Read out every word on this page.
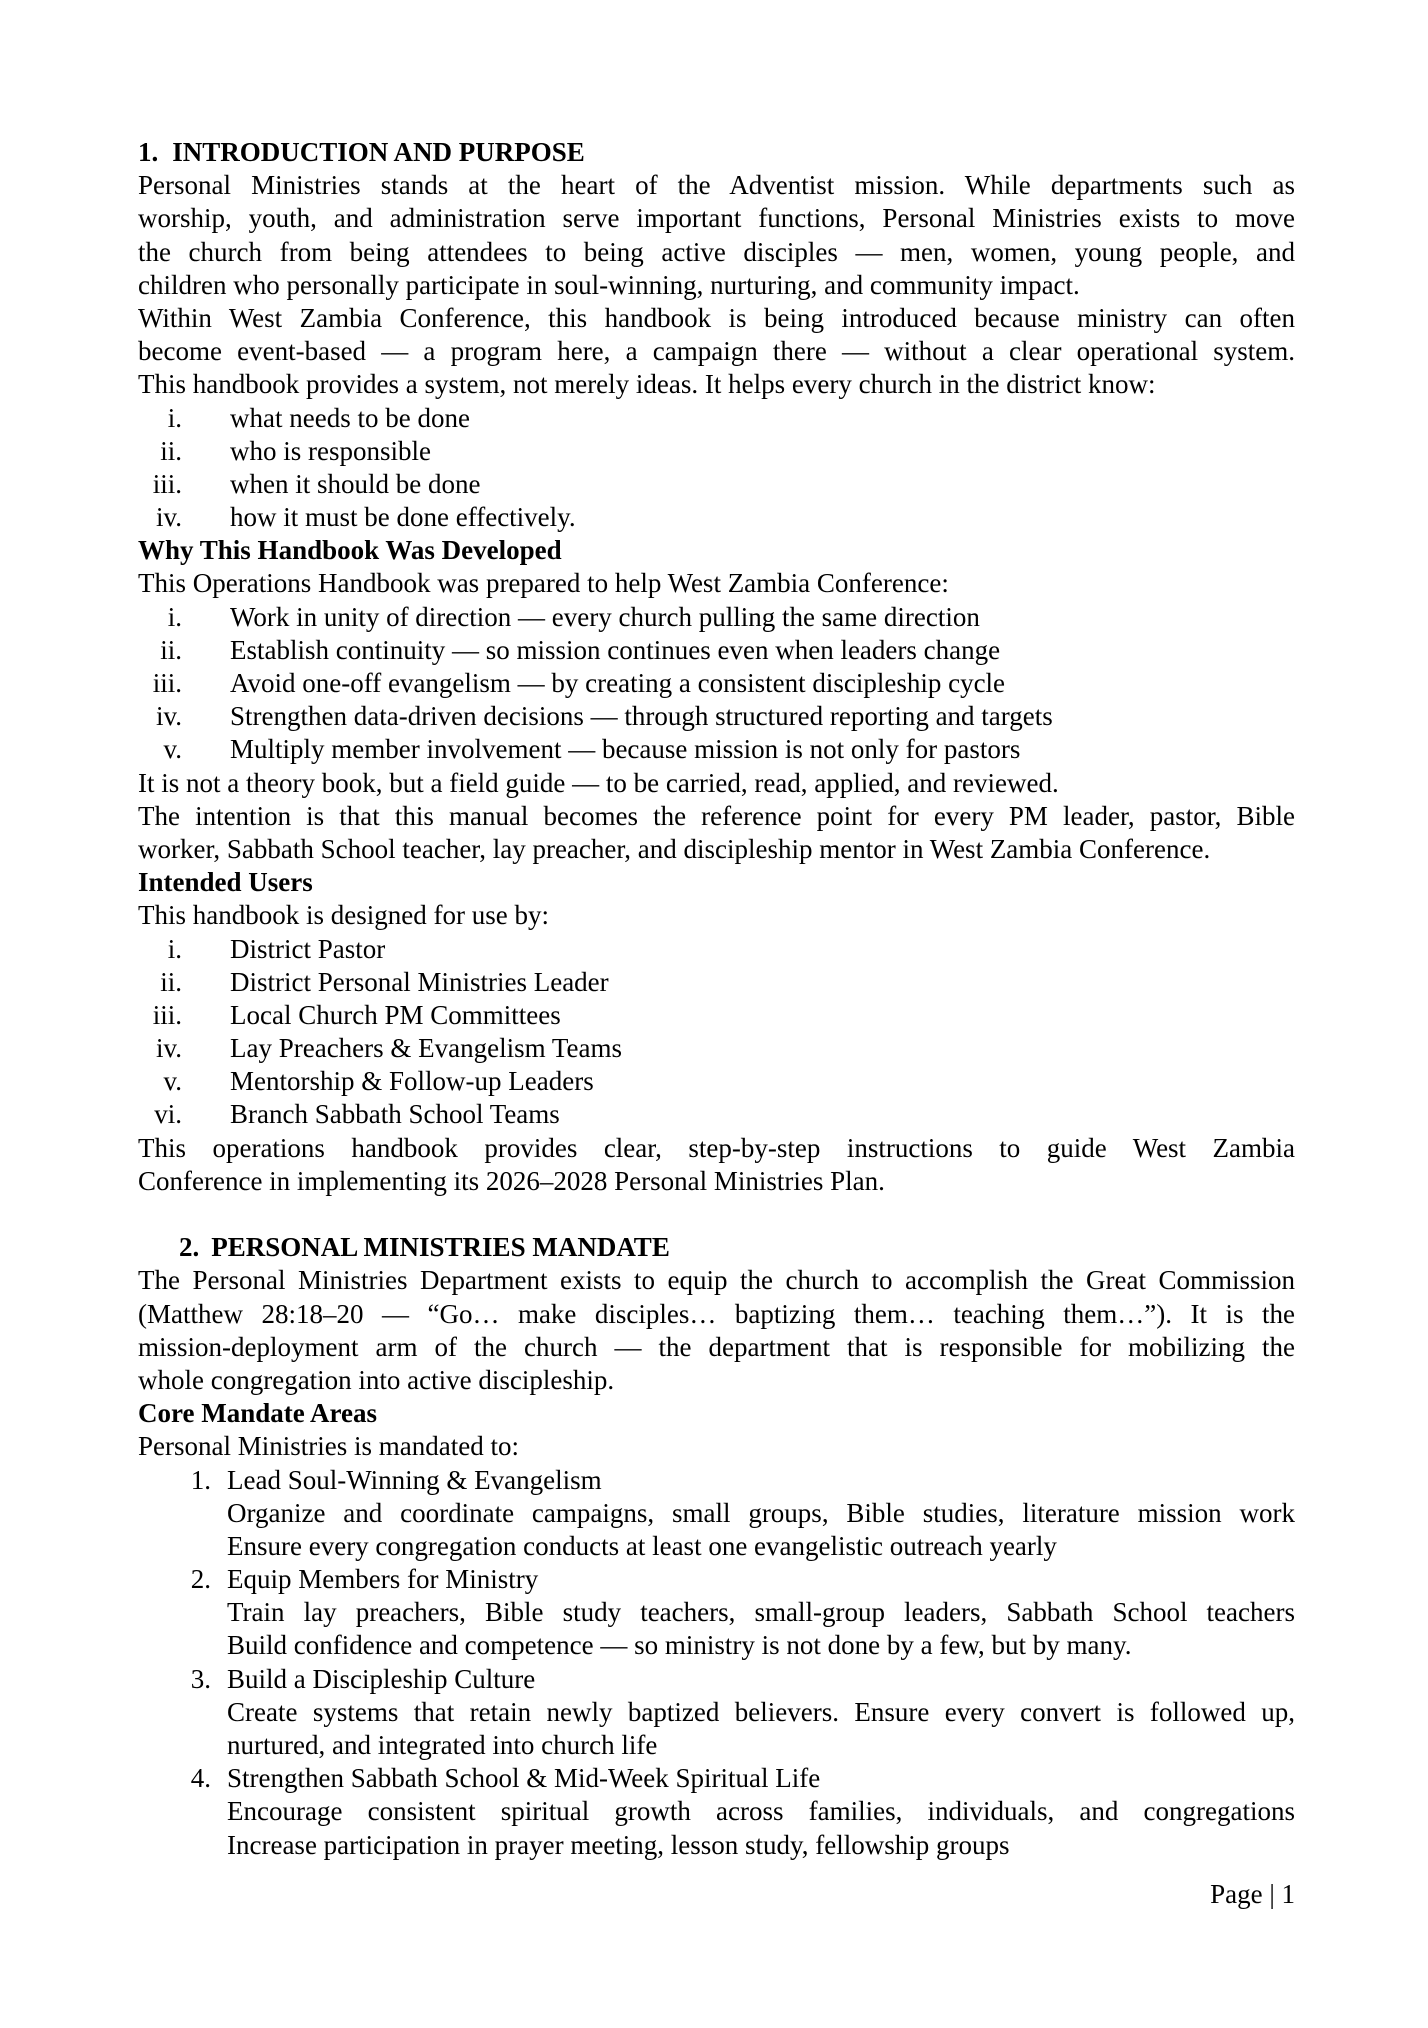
1. INTRODUCTION AND PURPOSE
Personal Ministries stands at the heart of the Adventist mission. While departments such as
worship, youth, and administration serve important functions, Personal Ministries exists to move
the church from being attendees to being active disciples — men, women, young people, and
children who personally participate in soul-winning, nurturing, and community impact.
Within West Zambia Conference, this handbook is being introduced because ministry can often
become event-based — a program here, a campaign there — without a clear operational system.
This handbook provides a system, not merely ideas. It helps every church in the district know:
i. what needs to be done
ii. who is responsible
iii. when it should be done
iv. how it must be done effectively.
Why This Handbook Was Developed
This Operations Handbook was prepared to help West Zambia Conference:
i. Work in unity of direction — every church pulling the same direction
ii. Establish continuity — so mission continues even when leaders change
iii. Avoid one-off evangelism — by creating a consistent discipleship cycle
iv. Strengthen data-driven decisions — through structured reporting and targets
v. Multiply member involvement — because mission is not only for pastors
It is not a theory book, but a field guide — to be carried, read, applied, and reviewed.
The intention is that this manual becomes the reference point for every PM leader, pastor, Bible
worker, Sabbath School teacher, lay preacher, and discipleship mentor in West Zambia Conference.
Intended Users
This handbook is designed for use by:
i. District Pastor
ii. District Personal Ministries Leader
iii. Local Church PM Committees
iv. Lay Preachers & Evangelism Teams
v. Mentorship & Follow-up Leaders
vi. Branch Sabbath School Teams
This operations handbook provides clear, step-by-step instructions to guide West Zambia
Conference in implementing its 2026–2028 Personal Ministries Plan.
2. PERSONAL MINISTRIES MANDATE
The Personal Ministries Department exists to equip the church to accomplish the Great Commission
(Matthew 28:18–20 — “Go… make disciples… baptizing them… teaching them…”). It is the
mission-deployment arm of the church — the department that is responsible for mobilizing the
whole congregation into active discipleship.
Core Mandate Areas
Personal Ministries is mandated to:
1. Lead Soul-Winning & Evangelism
Organize and coordinate campaigns, small groups, Bible studies, literature mission work
Ensure every congregation conducts at least one evangelistic outreach yearly
2. Equip Members for Ministry
Train lay preachers, Bible study teachers, small-group leaders, Sabbath School teachers
Build confidence and competence — so ministry is not done by a few, but by many.
3. Build a Discipleship Culture
Create systems that retain newly baptized believers. Ensure every convert is followed up,
nurtured, and integrated into church life
4. Strengthen Sabbath School & Mid-Week Spiritual Life
Encourage consistent spiritual growth across families, individuals, and congregations
Increase participation in prayer meeting, lesson study, fellowship groups
Page | 1
